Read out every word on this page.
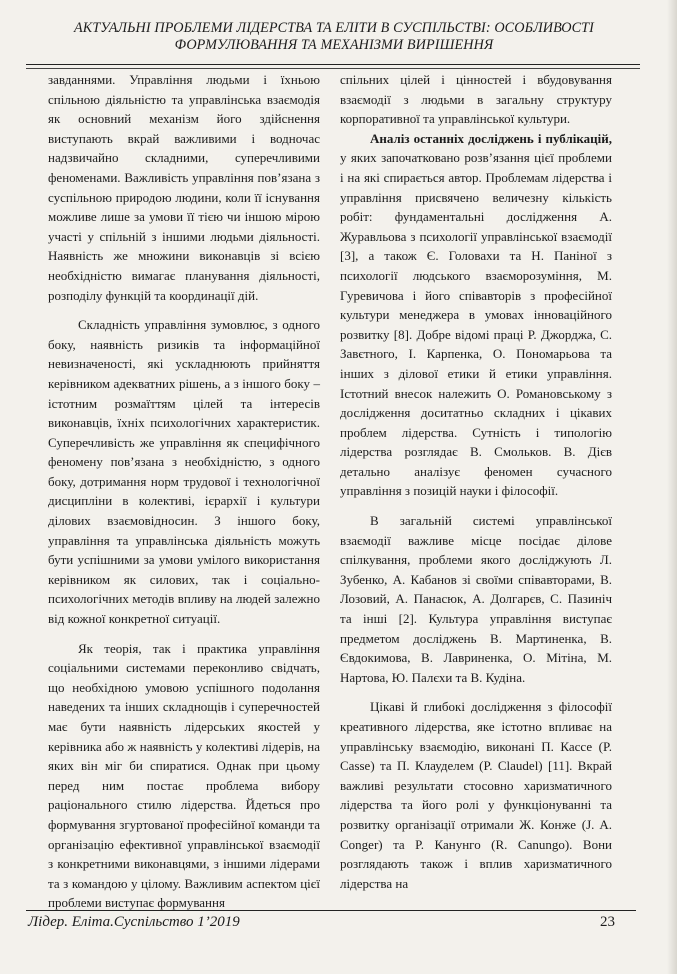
АКТУАЛЬНІ ПРОБЛЕМИ ЛІДЕРСТВА ТА ЕЛІТИ В СУСПІЛЬСТВІ: ОСОБЛИВОСТІ
ФОРМУЛЮВАННЯ ТА МЕХАНІЗМИ ВИРІШЕННЯ

завданнями. Управління людьми і їхньою спільною діяльністю та управлінська взаємодія як основний механізм його здійснення виступають вкрай важливими і водночас надзвичайно складними, суперечливими феноменами. Важливість управління пов’язана з суспільною природою людини, коли її існування можливе лише за умови її тією чи іншою мірою участі у спільній з іншими людьми діяльності. Наявність же множини виконавців зі всією необхідністю вимагає планування діяльності, розподілу функцій та координації дій.

Складність управління зумовлює, з одного боку, наявність ризиків та інформаційної невизначеності, які ускладнюють прийняття керівником адекватних рішень, а з іншого боку – істотним розмаїттям цілей та інтересів виконавців, їхніх психологічних характеристик. Суперечливість же управління як специфічного феномену пов’язана з необхідністю, з одного боку, дотримання норм трудової і технологічної дисципліни в колективі, ієрархії і культури ділових взаємовідносин. З іншого боку, управління та управлінська діяльність можуть бути успішними за умови умілого використання керівником як силових, так і соціально-психологічних методів впливу на людей залежно від кожної конкретної ситуації.

Як теорія, так і практика управління соціальними системами переконливо свідчать, що необхідною умовою успішного подолання наведених та інших складнощів і суперечностей має бути наявність лідерських якостей у керівника або ж наявність у колективі лідерів, на яких він міг би спиратися. Однак при цьому перед ним постає проблема вибору раціонального стилю лідерства. Йдеться про формування згуртованої професійної команди та організацію ефективної управлінської взаємодії з конкретними виконавцями, з іншими лідерами та з командою у цілому. Важливим аспектом цієї проблеми виступає формування

спільних цілей і цінностей і вбудовування взаємодії з людьми в загальну структуру корпоративної та управлінської культури.

Аналіз останніх досліджень і публікацій, у яких започатковано розв’язання цієї проблеми і на які спирається автор. Проблемам лідерства і управління присвячено величезну кількість робіт: фундаментальні дослідження А. Журавльова з психології управлінської взаємодії [3], а також Є. Головахи та Н. Паніної з психології людського взаєморозуміння, М. Гуревичова і його співавторів з професійної культури менеджера в умовах інноваційного розвитку [8]. Добре відомі праці Р. Джорджа, С. Завєтного, І. Карпенка, О. Пономарьова та інших з ділової етики й етики управління. Істотний внесок належить О. Романовському з дослідження доситатньо складних і цікавих проблем лідерства. Сутність і типологію лідерства розглядає В. Смольков. В. Дієв детально аналізує феномен сучасного управління з позицій науки і філософії.

В загальній системі управлінської взаємодії важливе місце посідає ділове спілкування, проблеми якого досліджують Л. Зубенко, А. Кабанов зі своїми співавторами, В. Лозовий, А. Панасюк, А. Долгарєв, С. Пазиніч та інші [2]. Культура управління виступає предметом досліджень В. Мартиненка, В. Євдокимова, В. Лавриненка, О. Мітіна, М. Нартова, Ю. Палєхи та В. Кудіна.

Цікаві й глибокі дослідження з філософії креативного лідерства, яке істотно впливає на управлінську взаємодію, виконані П. Кассе (P. Casse) та П. Клауделем (P. Claudel) [11]. Вкрай важливі результати стосовно харизматичного лідерства та його ролі у функціонуванні та розвитку організації отримали Ж. Конже (J. A. Conger) та Р. Канунго (R. Canungo). Вони розглядають також і вплив харизматичного лідерства на

Лідер. Еліта.Суспільство 1’2019	23
